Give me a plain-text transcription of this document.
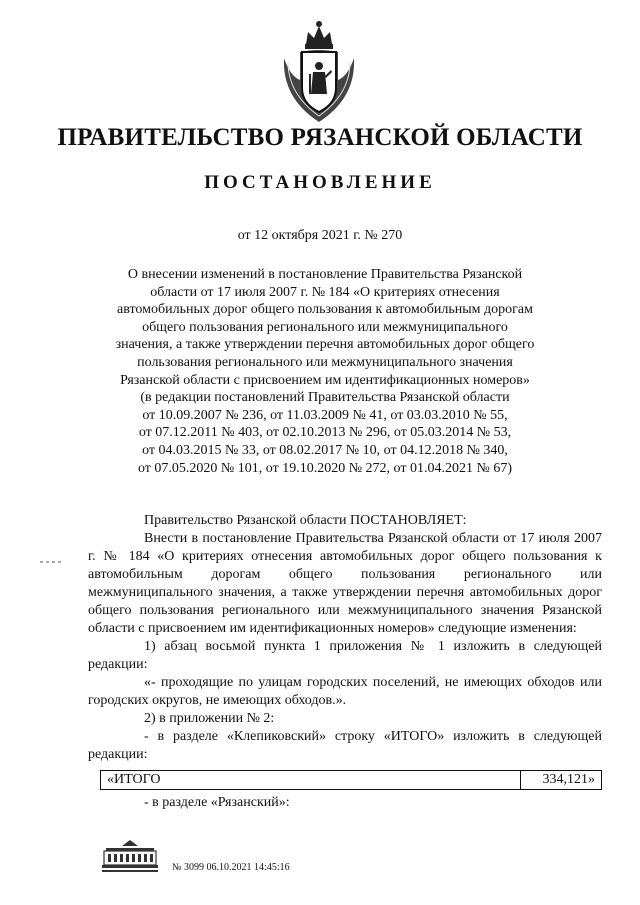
ПРАВИТЕЛЬСТВО РЯЗАНСКОЙ ОБЛАСТИ
ПОСТАНОВЛЕНИЕ
от 12 октября 2021 г. № 270
О внесении изменений в постановление Правительства Рязанской
области от 17 июля 2007 г. № 184 «О критериях отнесения
автомобильных дорог общего пользования к автомобильным дорогам
общего пользования регионального или межмуниципального
значения, а также утверждении перечня автомобильных дорог общего
пользования регионального или межмуниципального значения
Рязанской области с присвоением им идентификационных номеров»
(в редакции постановлений Правительства Рязанской области
от 10.09.2007 № 236, от 11.03.2009 № 41, от 03.03.2010 № 55,
от 07.12.2011 № 403, от 02.10.2013 № 296, от 05.03.2014 № 53,
от 04.03.2015 № 33, от 08.02.2017 № 10, от 04.12.2018 № 340,
от 07.05.2020 № 101, от 19.10.2020 № 272, от 01.04.2021 № 67)

Правительство Рязанской области ПОСТАНОВЛЯЕТ:

Внести в постановление Правительства Рязанской области от 17 июля 2007 г. № 184 «О критериях отнесения автомобильных дорог общего пользования к автомобильным дорогам общего пользования регионального или межмуниципального значения, а также утверждении перечня автомобильных дорог общего пользования регионального или межмуниципального значения Рязанской области с присвоением им идентификационных номеров» следующие изменения:

1) абзац восьмой пункта 1 приложения № 1 изложить в следующей редакции:

«- проходящие по улицам городских поселений, не имеющих обходов или городских округов, не имеющих обходов.».

2) в приложении № 2:

- в разделе «Клепиковский» строку «ИТОГО» изложить в следующей редакции:

«ИТОГО	334,121»
- в разделе «Рязанский»:
№ 3099 06.10.2021 14:45:16
